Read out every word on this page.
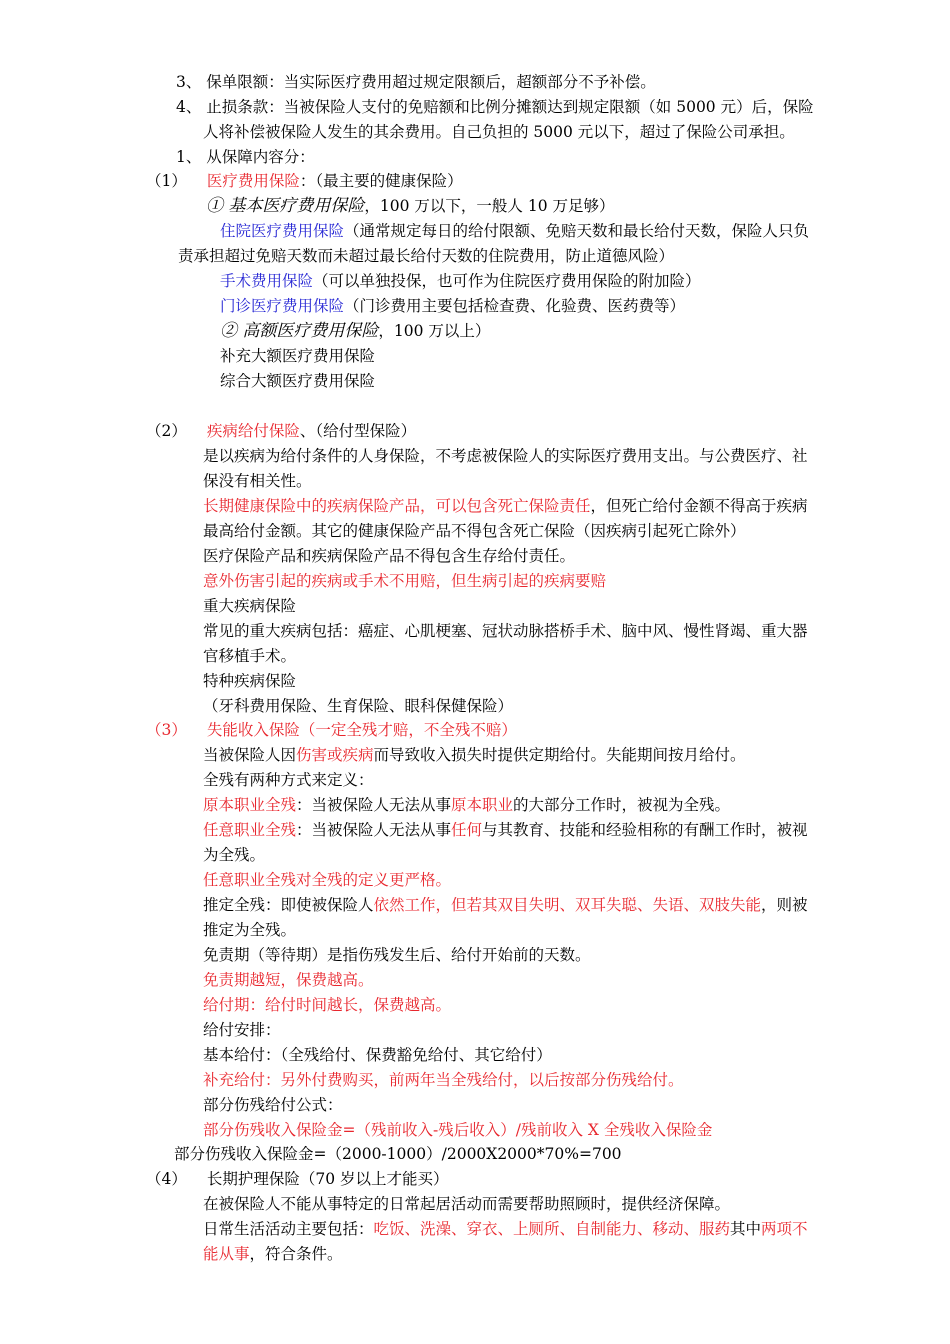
3、 保单限额：当实际医疗费用超过规定限额后，超额部分不予补偿。
4、 止损条款：当被保险人支付的免赔额和比例分摊额达到规定限额（如 5000 元）后，保险
人将补偿被保险人发生的其余费用。自己负担的 5000 元以下，超过了保险公司承担。
1、 从保障内容分：
（1） 医疗费用保险：（最主要的健康保险）
① 基本医疗费用保险，100 万以下，一般人 10 万足够）
住院医疗费用保险（通常规定每日的给付限额、免赔天数和最长给付天数，保险人只负
责承担超过免赔天数而未超过最长给付天数的住院费用，防止道德风险）
手术费用保险（可以单独投保，也可作为住院医疗费用保险的附加险）
门诊医疗费用保险（门诊费用主要包括检查费、化验费、医药费等）
② 高额医疗费用保险，100 万以上）
补充大额医疗费用保险
综合大额医疗费用保险
（2） 疾病给付保险、（给付型保险）
是以疾病为给付条件的人身保险，不考虑被保险人的实际医疗费用支出。与公费医疗、社
保没有相关性。
长期健康保险中的疾病保险产品，可以包含死亡保险责任，但死亡给付金额不得高于疾病
最高给付金额。其它的健康保险产品不得包含死亡保险（因疾病引起死亡除外）
医疗保险产品和疾病保险产品不得包含生存给付责任。
意外伤害引起的疾病或手术不用赔，但生病引起的疾病要赔
重大疾病保险
常见的重大疾病包括：癌症、心肌梗塞、冠状动脉搭桥手术、脑中风、慢性肾竭、重大器
官移植手术。
特种疾病保险
（牙科费用保险、生育保险、眼科保健保险）
（3） 失能收入保险（一定全残才赔，不全残不赔）
当被保险人因伤害或疾病而导致收入损失时提供定期给付。失能期间按月给付。
全残有两种方式来定义：
原本职业全残：当被保险人无法从事原本职业的大部分工作时，被视为全残。
任意职业全残：当被保险人无法从事任何与其教育、技能和经验相称的有酬工作时，被视
为全残。
任意职业全残对全残的定义更严格。
推定全残：即使被保险人依然工作，但若其双目失明、双耳失聪、失语、双肢失能，则被
推定为全残。
免责期（等待期）是指伤残发生后、给付开始前的天数。
免责期越短，保费越高。
给付期：给付时间越长，保费越高。
给付安排：
基本给付：（全残给付、保费豁免给付、其它给付）
补充给付：另外付费购买，前两年当全残给付，以后按部分伤残给付。
部分伤残给付公式：
部分伤残收入保险金=（残前收入-残后收入）/残前收入 X 全残收入保险金
部分伤残收入保险金=（2000-1000）/2000X2000*70%=700
（4） 长期护理保险（70 岁以上才能买）
在被保险人不能从事特定的日常起居活动而需要帮助照顾时，提供经济保障。
日常生活活动主要包括：吃饭、洗澡、穿衣、上厕所、自制能力、移动、服药其中两项不
能从事，符合条件。
